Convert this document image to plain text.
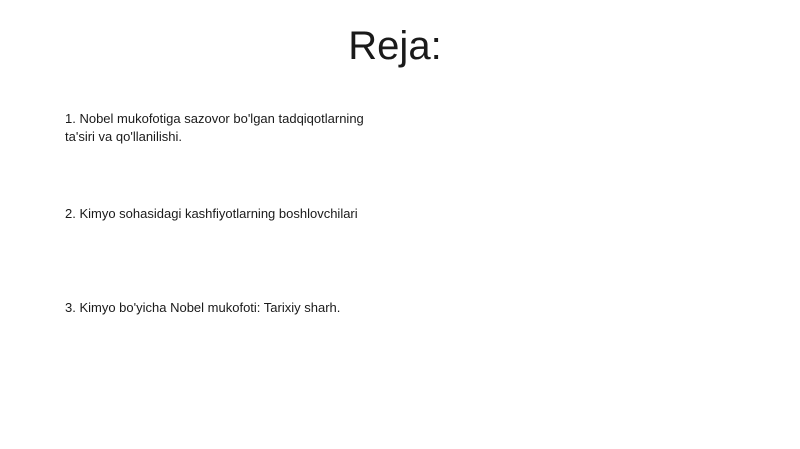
Reja:

1. Nobel mukofotiga sazovor bo'lgan tadqiqotlarning ta'siri va qo'llanilishi.

2. Kimyo sohasidagi kashfiyotlarning boshlovchilari

3. Kimyo bo'yicha Nobel mukofoti: Tarixiy sharh.
